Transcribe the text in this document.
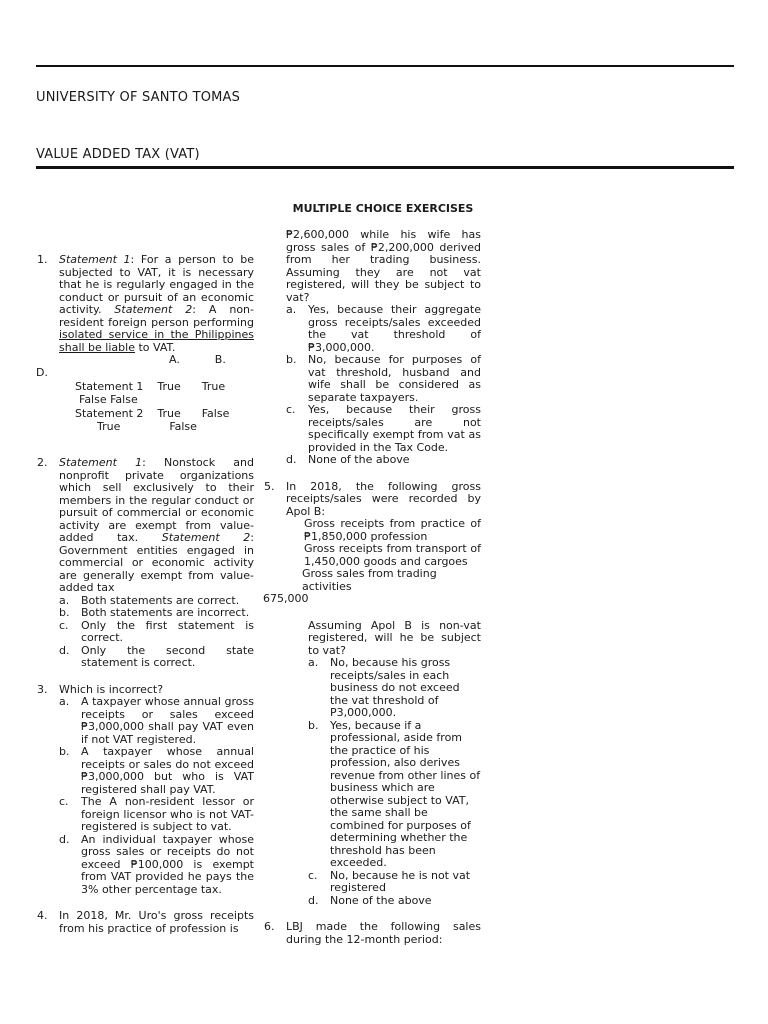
UNIVERSITY OF SANTO TOMAS
VALUE ADDED TAX (VAT)
MULTIPLE CHOICE EXERCISES
1. Statement 1: For a person to be subjected to VAT, it is necessary that he is regularly engaged in the conduct or pursuit of an economic activity. Statement 2: A non-resident foreign person performing isolated service in the Philippines shall be liable to VAT.
A.          B.
D.
Statement 1 True      True
False False
Statement 2 True      False
True              False
2. Statement 1: Nonstock and nonprofit private organizations which sell exclusively to their members in the regular conduct or pursuit of commercial or economic activity are exempt from value-added tax. Statement 2: Government entities engaged in commercial or economic activity are generally exempt from value-added tax
a. Both statements are correct.
b. Both statements are incorrect.
c. Only the first statement is correct.
d. Only the second state statement is correct.
3. Which is incorrect?
a. A taxpayer whose annual gross receipts or sales exceed ₱3,000,000 shall pay VAT even if not VAT registered.
b. A taxpayer whose annual receipts or sales do not exceed ₱3,000,000 but who is VAT registered shall pay VAT.
c. The A non-resident lessor or foreign licensor who is not VAT-registered is subject to vat.
d. An individual taxpayer whose gross sales or receipts do not exceed ₱100,000 is exempt from VAT provided he pays the 3% other percentage tax.
4. In 2018, Mr. Uro's gross receipts from his practice of profession is
₱2,600,000 while his wife has gross sales of ₱2,200,000 derived from her trading business. Assuming they are not vat registered, will they be subject to vat?
a. Yes, because their aggregate gross receipts/sales exceeded the vat threshold of ₱3,000,000.
b. No, because for purposes of vat threshold, husband and wife shall be considered as separate taxpayers.
c. Yes, because their gross receipts/sales are not specifically exempt from vat as provided in the Tax Code.
d. None of the above
5. In 2018, the following gross receipts/sales were recorded by Apol B:
Gross receipts from practice of ₱1,850,000 profession
Gross receipts from transport of 1,450,000 goods and cargoes
Gross sales from trading activities
675,000
Assuming Apol B is non-vat registered, will he be subject to vat?
a. No, because his gross receipts/sales in each business do not exceed the vat threshold of P3,000,000.
b. Yes, because if a professional, aside from the practice of his profession, also derives revenue from other lines of business which are otherwise subject to VAT, the same shall be combined for purposes of determining whether the threshold has been exceeded.
c. No, because he is not vat registered
d. None of the above
6. LBJ made the following sales during the 12-month period:
